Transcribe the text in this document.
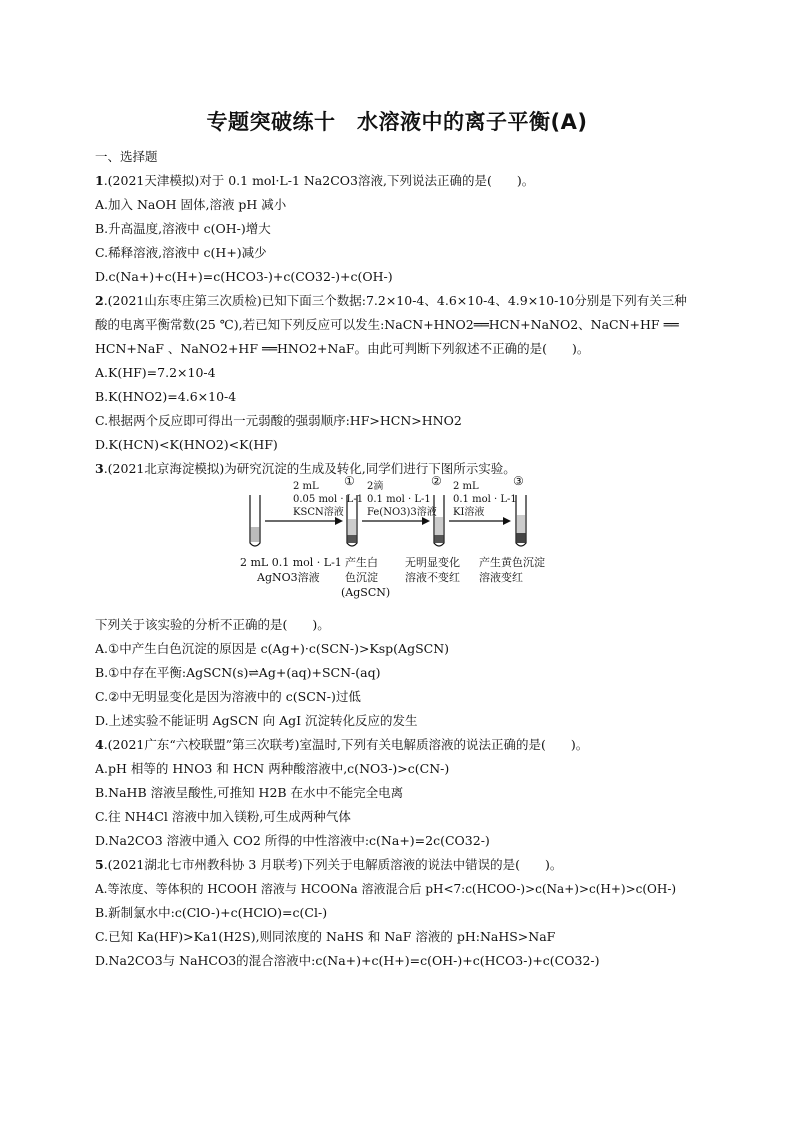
专题突破练十　水溶液中的离子平衡(A)
一、选择题
1.(2021天津模拟)对于 0.1 mol·L-1 Na2CO3溶液,下列说法正确的是(　　)。
A.加入 NaOH 固体,溶液 pH 减小
B.升高温度,溶液中 c(OH-)增大
C.稀释溶液,溶液中 c(H+)减少
D.c(Na+)+c(H+)=c(HCO3-)+c(CO32-)+c(OH-)
2.(2021山东枣庄第三次质检)已知下面三个数据:7.2×10-4、4.6×10-4、4.9×10-10分别是下列有关三种
酸的电离平衡常数(25 ℃),若已知下列反应可以发生:NaCN+HNO2══HCN+NaNO2、NaCN+HF ══
HCN+NaF 、NaNO2+HF ══HNO2+NaF。由此可判断下列叙述不正确的是(　　)。
A.K(HF)=7.2×10-4
B.K(HNO2)=4.6×10-4
C.根据两个反应即可得出一元弱酸的强弱顺序:HF>HCN>HNO2
D.K(HCN)<K(HNO2)<K(HF)
3.(2021北京海淀模拟)为研究沉淀的生成及转化,同学们进行下图所示实验。
2 mL
0.05 mol · L-1
KSCN溶液
① 2滴
0.1 mol · L-1
Fe(NO3)3溶液
② 2 mL
0.1 mol · L-1
KI溶液
③
2 mL 0.1 mol · L-1
AgNO3溶液
产生白
色沉淀
(AgSCN)
无明显变化
溶液不变红
产生黄色沉淀
溶液变红
下列关于该实验的分析不正确的是(　　)。
A.①中产生白色沉淀的原因是 c(Ag+)·c(SCN-)>Ksp(AgSCN)
B.①中存在平衡:AgSCN(s)⇌Ag+(aq)+SCN-(aq)
C.②中无明显变化是因为溶液中的 c(SCN-)过低
D.上述实验不能证明 AgSCN 向 AgI 沉淀转化反应的发生
4.(2021广东“六校联盟”第三次联考)室温时,下列有关电解质溶液的说法正确的是(　　)。
A.pH 相等的 HNO3 和 HCN 两种酸溶液中,c(NO3-)>c(CN-)
B.NaHB 溶液呈酸性,可推知 H2B 在水中不能完全电离
C.往 NH4Cl 溶液中加入镁粉,可生成两种气体
D.Na2CO3 溶液中通入 CO2 所得的中性溶液中:c(Na+)=2c(CO32-)
5.(2021湖北七市州教科协 3 月联考)下列关于电解质溶液的说法中错误的是(　　)。
A.等浓度、等体积的 HCOOH 溶液与 HCOONa 溶液混合后 pH<7:c(HCOO-)>c(Na+)>c(H+)>c(OH-)
B.新制氯水中:c(ClO-)+c(HClO)=c(Cl-)
C.已知 Ka(HF)>Ka1(H2S),则同浓度的 NaHS 和 NaF 溶液的 pH:NaHS>NaF
D.Na2CO3与 NaHCO3的混合溶液中:c(Na+)+c(H+)=c(OH-)+c(HCO3-)+c(CO32-)
